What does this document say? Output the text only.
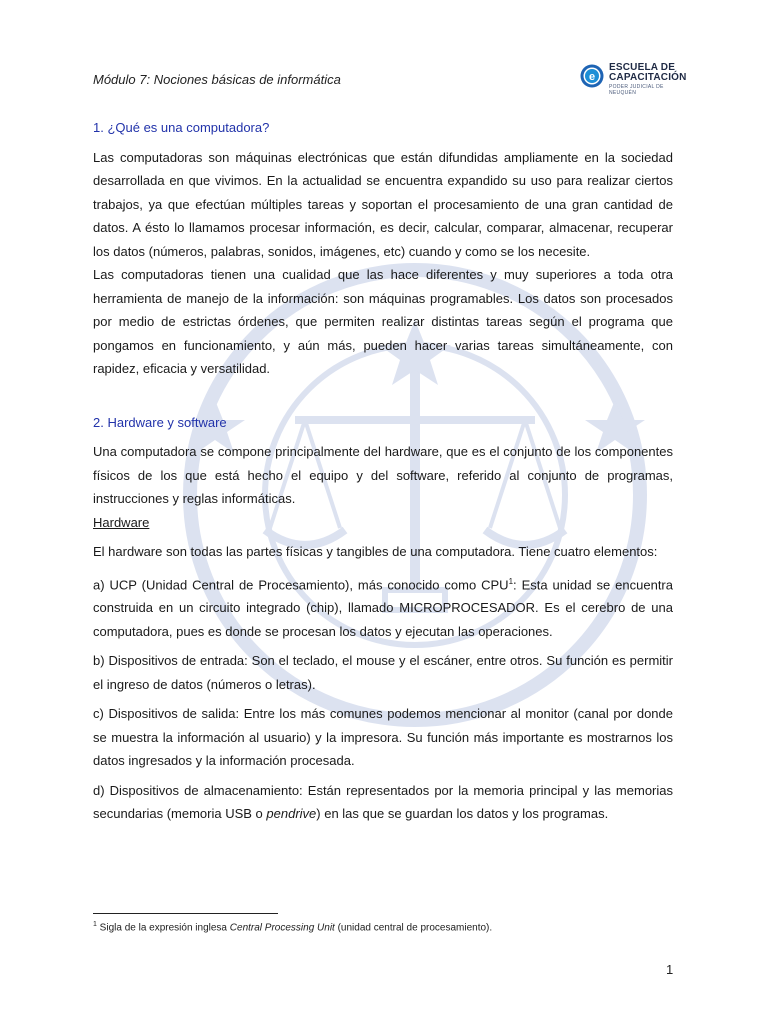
Módulo 7: Nociones básicas de informática	e
ESCUELA DE
CAPACITACIÓN
PODER JUDICIAL DE NEUQUÉN
1. ¿Qué es una computadora?

Las computadoras son máquinas electrónicas que están difundidas ampliamente en la sociedad desarrollada en que vivimos. En la actualidad se encuentra expandido su uso para realizar ciertos trabajos, ya que efectúan múltiples tareas y soportan el procesamiento de una gran cantidad de datos. A ésto lo llamamos procesar información, es decir, calcular, comparar, almacenar, recuperar los datos (números, palabras, sonidos, imágenes, etc) cuando y como se los necesite.

Las computadoras tienen una cualidad que las hace diferentes y muy superiores a toda otra herramienta de manejo de la información: son máquinas programables. Los datos son procesados por medio de estrictas órdenes, que permiten realizar distintas tareas según el programa que pongamos en funcionamiento, y aún más, pueden hacer varias tareas simultáneamente, con rapidez, eficacia y versatilidad.

2. Hardware y software

Una computadora se compone principalmente del hardware, que es el conjunto de los componentes físicos de los que está hecho el equipo y del software, referido al conjunto de programas, instrucciones y reglas informáticas.

Hardware

El hardware son todas las partes físicas y tangibles de una computadora. Tiene cuatro elementos:

a) UCP (Unidad Central de Procesamiento), más conocido como CPU$^1$: Esta unidad se encuentra construida en un circuito integrado (chip), llamado MICROPROCESADOR. Es el cerebro de una computadora, pues es donde se procesan los datos y ejecutan las operaciones.

b) Dispositivos de entrada: Son el teclado, el mouse y el escáner, entre otros. Su función es permitir el ingreso de datos (números o letras).

c) Dispositivos de salida: Entre los más comunes podemos mencionar al monitor (canal por donde se muestra la información al usuario) y la impresora. Su función más importante es mostrarnos los datos ingresados y la información procesada.

d) Dispositivos de almacenamiento: Están representados por la memoria principal y las memorias secundarias (memoria USB o pendrive) en las que se guardan los datos y los programas.

$^1$ Sigla de la expresión inglesa Central Processing Unit (unidad central de procesamiento).
1
